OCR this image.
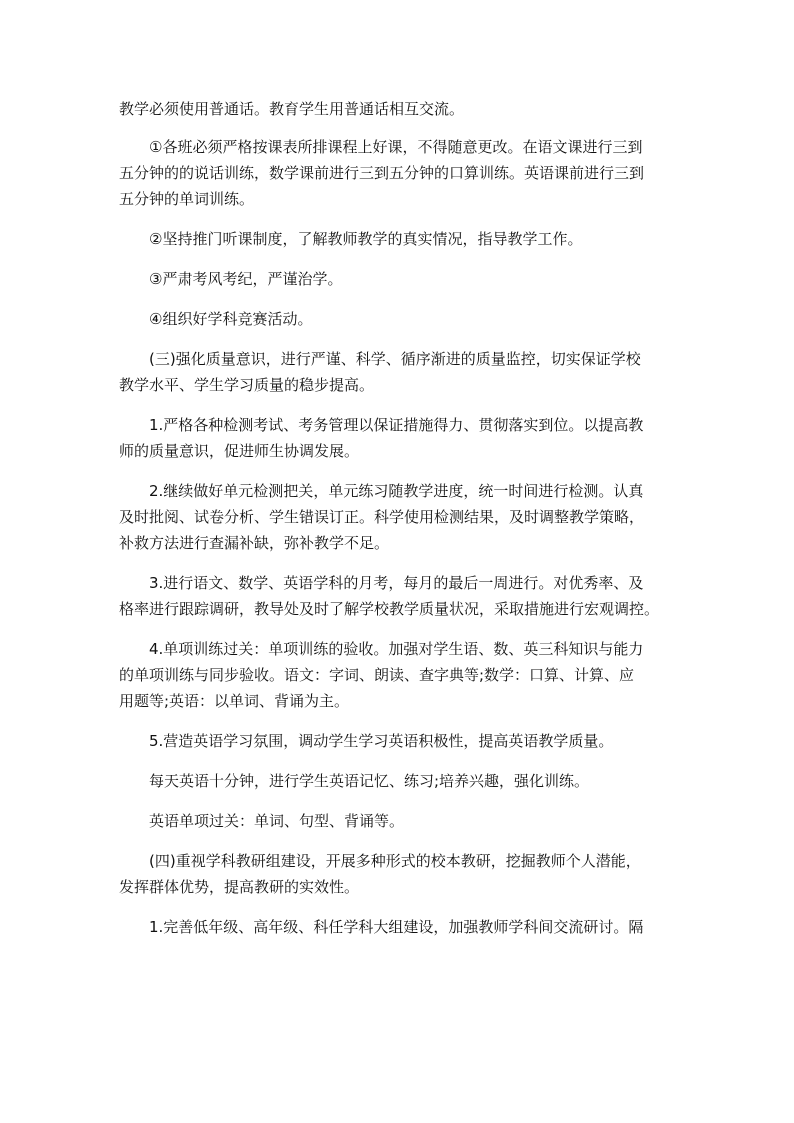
教学必须使用普通话。教育学生用普通话相互交流。
①各班必须严格按课表所排课程上好课，不得随意更改。在语文课进行三到
五分钟的的说话训练，数学课前进行三到五分钟的口算训练。英语课前进行三到
五分钟的单词训练。
②坚持推门听课制度，了解教师教学的真实情况，指导教学工作。
③严肃考风考纪，严谨治学。
④组织好学科竞赛活动。
(三)强化质量意识，进行严谨、科学、循序渐进的质量监控，切实保证学校
教学水平、学生学习质量的稳步提高。
1.严格各种检测考试、考务管理以保证措施得力、贯彻落实到位。以提高教
师的质量意识，促进师生协调发展。
2.继续做好单元检测把关，单元练习随教学进度，统一时间进行检测。认真
及时批阅、试卷分析、学生错误订正。科学使用检测结果，及时调整教学策略，
补救方法进行查漏补缺，弥补教学不足。
3.进行语文、数学、英语学科的月考，每月的最后一周进行。对优秀率、及
格率进行跟踪调研，教导处及时了解学校教学质量状况，采取措施进行宏观调控。
4.单项训练过关：单项训练的验收。加强对学生语、数、英三科知识与能力
的单项训练与同步验收。语文：字词、朗读、查字典等;数学：口算、计算、应
用题等;英语：以单词、背诵为主。
5.营造英语学习氛围，调动学生学习英语积极性，提高英语教学质量。
每天英语十分钟，进行学生英语记忆、练习;培养兴趣，强化训练。
英语单项过关：单词、句型、背诵等。
(四)重视学科教研组建设，开展多种形式的校本教研，挖掘教师个人潜能，
发挥群体优势，提高教研的实效性。
1.完善低年级、高年级、科任学科大组建设，加强教师学科间交流研讨。隔
